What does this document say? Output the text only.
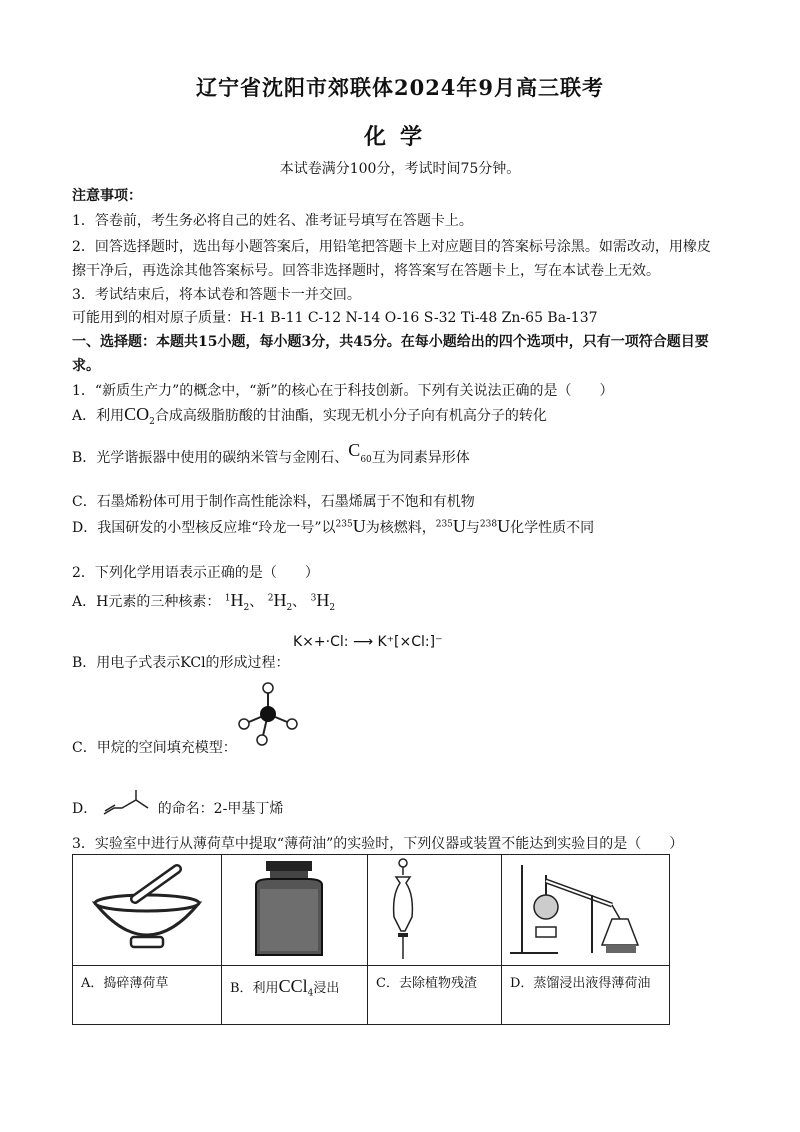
辽宁省沈阳市郊联体2024年9月高三联考
化学
本试卷满分100分，考试时间75分钟。
注意事项：
1．答卷前，考生务必将自己的姓名、准考证号填写在答题卡上。
2．回答选择题时，选出每小题答案后，用铅笔把答题卡上对应题目的答案标号涂黑。如需改动，用橡皮
擦干净后，再选涂其他答案标号。回答非选择题时，将答案写在答题卡上，写在本试卷上无效。
3．考试结束后，将本试卷和答题卡一并交回。
可能用到的相对原子质量：H-1 B-11 C-12 N-14 O-16 S-32 Ti-48 Zn-65 Ba-137
一、选择题：本题共15小题，每小题3分，共45分。在每小题给出的四个选项中，只有一项符合题目要
求。
1．“新质生产力”的概念中，“新”的核心在于科技创新。下列有关说法正确的是（　　）
A．利用$CO_2$合成高级脂肪酸的甘油酯，实现无机小分子向有机高分子的转化
B．光学谐振器中使用的碳纳米管与金刚石、$C_{60}$互为同素异形体
C．石墨烯粉体可用于制作高性能涂料，石墨烯属于不饱和有机物
D．我国研发的小型核反应堆“玲龙一号”以$^{235}$U为核燃料，$^{235}$U与$^{238}$U化学性质不同
2．下列化学用语表示正确的是（　　）
A．H元素的三种核素： $^1H_2$、 $^2H_2$、 $^3H_2$
B．用电子式表示KCl的形成过程：
K×+·Cl: ⟶ K⁺[×Cl:]⁻
C．甲烷的空间填充模型：
D．	的命名：2-甲基丁烯
3．实验室中进行从薄荷草中提取“薄荷油”的实验时，下列仪器或装置不能达到实验目的是（　　）

A．捣碎薄荷草	B．利用CCl$_4$浸出	C．去除植物残渣	D．蒸馏浸出液得薄荷油
